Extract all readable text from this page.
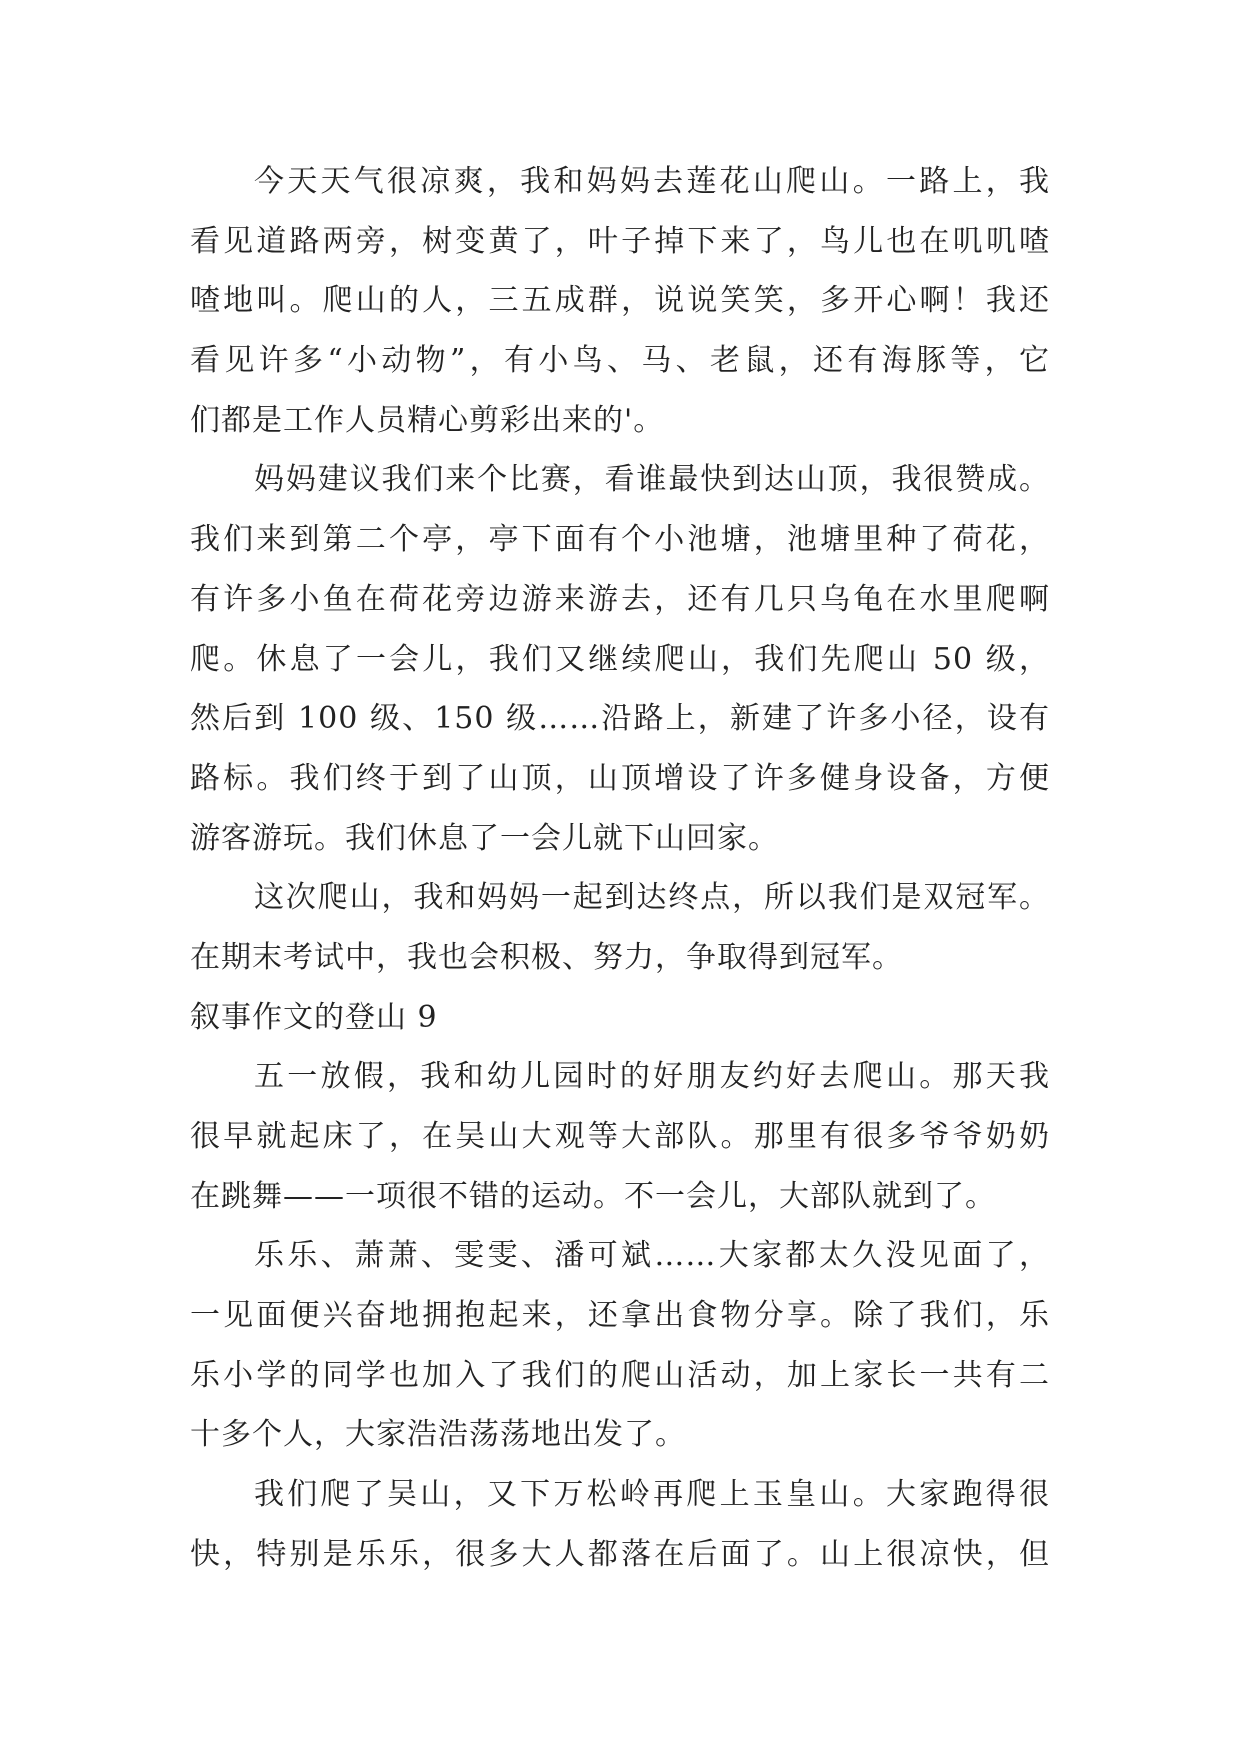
今天天气很凉爽，我和妈妈去莲花山爬山。一路上，我
看见道路两旁，树变黄了，叶子掉下来了，鸟儿也在叽叽喳
喳地叫。爬山的人，三五成群，说说笑笑，多开心啊！我还
看见许多“小动物”，有小鸟、马、老鼠，还有海豚等，它
们都是工作人员精心剪彩出来的'。
妈妈建议我们来个比赛，看谁最快到达山顶，我很赞成。
我们来到第二个亭，亭下面有个小池塘，池塘里种了荷花，
有许多小鱼在荷花旁边游来游去，还有几只乌龟在水里爬啊
爬。休息了一会儿，我们又继续爬山，我们先爬山 50 级，
然后到 100 级、150 级……沿路上，新建了许多小径，设有
路标。我们终于到了山顶，山顶增设了许多健身设备，方便
游客游玩。我们休息了一会儿就下山回家。
这次爬山，我和妈妈一起到达终点，所以我们是双冠军。
在期末考试中，我也会积极、努力，争取得到冠军。
叙事作文的登山 9
五一放假，我和幼儿园时的好朋友约好去爬山。那天我
很早就起床了，在吴山大观等大部队。那里有很多爷爷奶奶
在跳舞——一项很不错的运动。不一会儿，大部队就到了。
乐乐、萧萧、雯雯、潘可斌……大家都太久没见面了，
一见面便兴奋地拥抱起来，还拿出食物分享。除了我们，乐
乐小学的同学也加入了我们的爬山活动，加上家长一共有二
十多个人，大家浩浩荡荡地出发了。
我们爬了吴山，又下万松岭再爬上玉皇山。大家跑得很
快，特别是乐乐，很多大人都落在后面了。山上很凉快，但
